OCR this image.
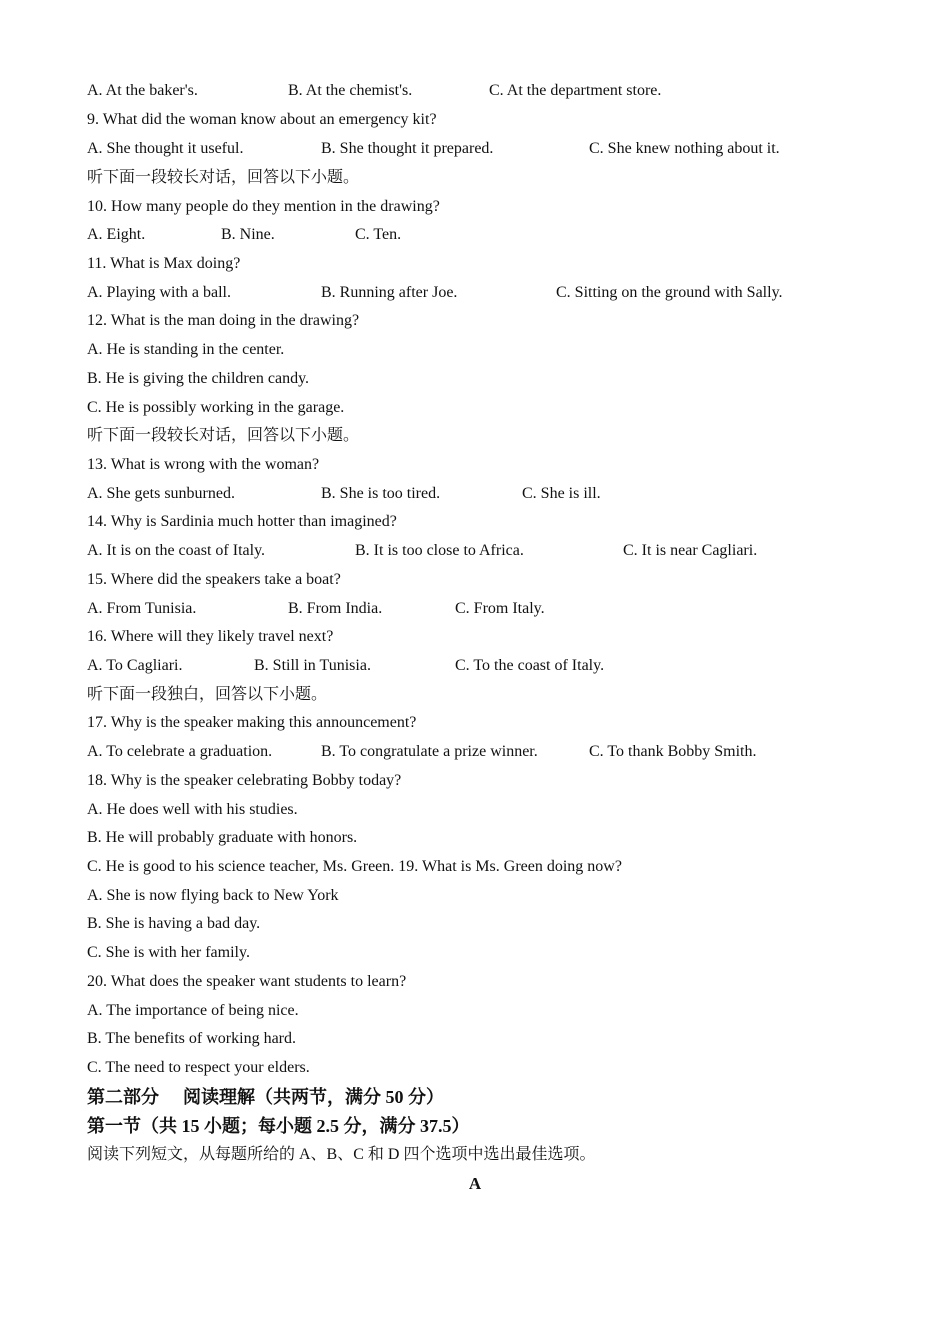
A. At the baker's.	B. At the chemist's.	C. At the department store.
9. What did the woman know about an emergency kit?
A. She thought it useful.	B. She thought it prepared.	C. She knew nothing about it.
听下面一段较长对话，回答以下小题。
10. How many people do they mention in the drawing?
A. Eight.	B. Nine.	C. Ten.
11. What is Max doing?
A. Playing with a ball.	B. Running after Joe.	C. Sitting on the ground with Sally.
12. What is the man doing in the drawing?
A. He is standing in the center.
B. He is giving the children candy.
C. He is possibly working in the garage.
听下面一段较长对话，回答以下小题。
13. What is wrong with the woman?
A. She gets sunburned.	B. She is too tired.	C. She is ill.
14. Why is Sardinia much hotter than imagined?
A. It is on the coast of Italy.	B. It is too close to Africa.	C. It is near Cagliari.
15. Where did the speakers take a boat?
A. From Tunisia.	B. From India.	C. From Italy.
16. Where will they likely travel next?
A. To Cagliari.	B. Still in Tunisia.	C. To the coast of Italy.
听下面一段独白，回答以下小题。
17. Why is the speaker making this announcement?
A. To celebrate a graduation.	B. To congratulate a prize winner.	C. To thank Bobby Smith.
18. Why is the speaker celebrating Bobby today?
A. He does well with his studies.
B. He will probably graduate with honors.
C. He is good to his science teacher, Ms. Green. 19. What is Ms. Green doing now?
A. She is now flying back to New York
B. She is having a bad day.
C. She is with her family.
20. What does the speaker want students to learn?
A. The importance of being nice.
B. The benefits of working hard.
C. The need to respect your elders.
第二部分 阅读理解（共两节，满分 50 分）
第一节（共 15 小题；每小题 2.5 分，满分 37.5）
阅读下列短文，从每题所给的 A、B、C 和 D 四个选项中选出最佳选项。
A
